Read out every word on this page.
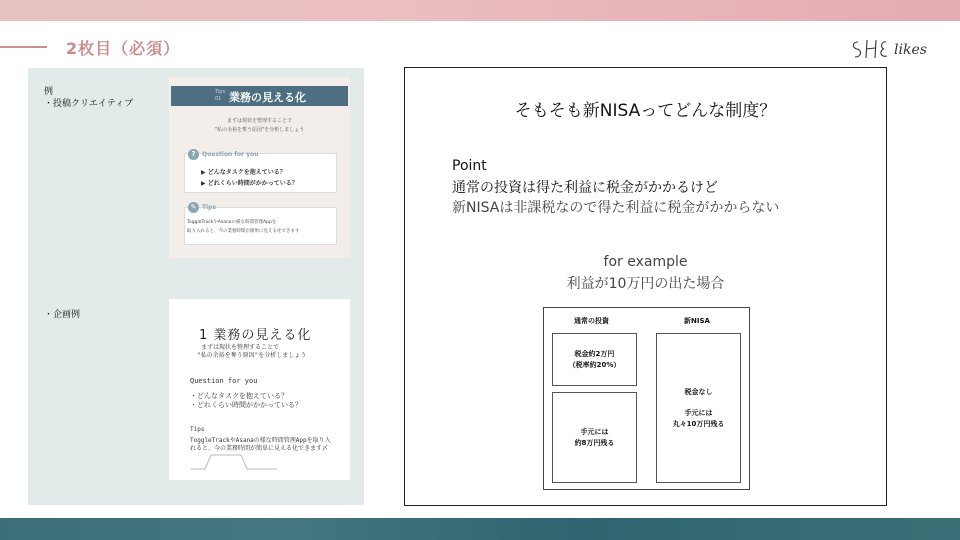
2枚目（必須）	likes
例
・投稿クリエイティブ
・企画例
Tips 01 業務の見える化
まずは現状を整理することで
"私の余裕を奪う原因"を分析しましょう
?	Question for you
▶ どんなタスクを抱えている？
▶ どれくらい時間がかかっている？
✎ Tips
ToggleTrackやAsanaの様な時間管理Appを
取り入れると、今の業務時間が簡単に見える化できます
1 業務の見える化
まずは現状を整理することで
"私の余裕を奪う原因"を分析しましょう
Question for you
・どんなタスクを抱えている？
・どれくらい時間がかかっている？
Tips
ToggleTrackやAsanaの様な時間管理Appを取り入
れると、今の業務時間が簡単に見える化できます〆
そもそも新NISAってどんな制度？
Point
通常の投資は得た利益に税金がかかるけど
新NISAは非課税なので得た利益に税金がかからない
for example
利益が10万円の出た場合
通常の投資	新NISA
税金約2万円
（税率約20%）
手元には
約8万円残る
税金なし
手元には
丸々10万円残る
